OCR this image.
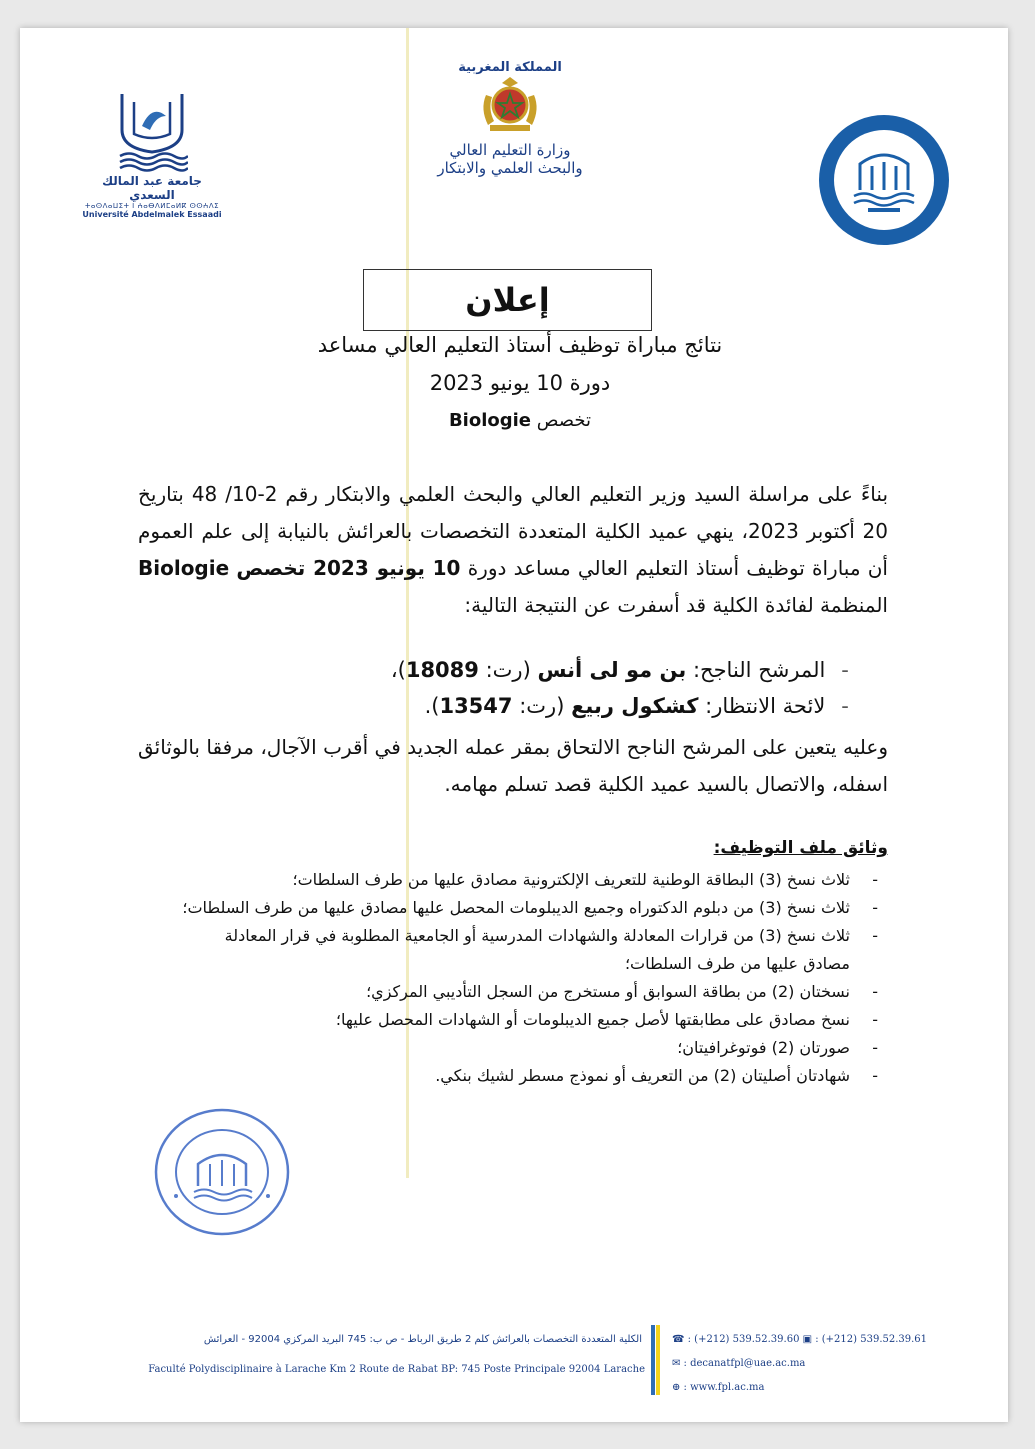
جامعة عبد المالك السعدي
ⵜⴰⵙⴷⴰⵡⵉⵜ ⵏ ⵄⴰⴱⴷⵍⵎⴰⵍⴽ ⵙⵙⵄⴷⵉ
Université Abdelmalek Essaadi
المملكة المغربية
وزارة التعليم العالي
والبحث العلمي والابتكار
إعلان
نتائج مباراة توظيف أستاذ التعليم العالي مساعد
دورة 10 يونيو 2023
تخصص Biologie
بناءً على مراسلة السيد وزير التعليم العالي والبحث العلمي والابتكار رقم 2-10/ 48 بتاريخ 20 أكتوبر 2023، ينهي عميد الكلية المتعددة التخصصات بالعرائش بالنيابة إلى علم العموم أن مباراة توظيف أستاذ التعليم العالي مساعد دورة 10 يونيو 2023 تخصص Biologie المنظمة لفائدة الكلية قد أسفرت عن النتيجة التالية:
- المرشح الناجح: بن مو لى أنس (رت: 18089)،
- لائحة الانتظار: كشكول ربيع (رت: 13547).
وعليه يتعين على المرشح الناجح الالتحاق بمقر عمله الجديد في أقرب الآجال، مرفقا بالوثائق اسفله، والاتصال بالسيد عميد الكلية قصد تسلم مهامه.
وثائق ملف التوظيف:
-
ثلاث نسخ (3) البطاقة الوطنية للتعريف الإلكترونية مصادق عليها من طرف السلطات؛
-
ثلاث نسخ (3) من دبلوم الدكتوراه وجميع الديبلومات المحصل عليها مصادق عليها من طرف السلطات؛
-
ثلاث نسخ (3) من قرارات المعادلة والشهادات المدرسية أو الجامعية المطلوبة في قرار المعادلة مصادق عليها من طرف السلطات؛
-
نسختان (2) من بطاقة السوابق أو مستخرج من السجل التأديبي المركزي؛
-
نسخ مصادق على مطابقتها لأصل جميع الديبلومات أو الشهادات المحصل عليها؛
-
صورتان (2) فوتوغرافيتان؛
-
شهادتان أصليتان (2) من التعريف أو نموذج مسطر لشيك بنكي.
الكلية المتعددة التخصصات بالعرائش كلم 2 طريق الرباط - ص ب: 745 البريد المركزي 92004 - العرائش
Faculté Polydisciplinaire à Larache Km 2 Route de Rabat BP: 745 Poste Principale 92004 Larache
☎ : (+212) 539.52.39.60 ▣ : (+212) 539.52.39.61
✉ : decanatfpl@uae.ac.ma
⊕ : www.fpl.ac.ma
